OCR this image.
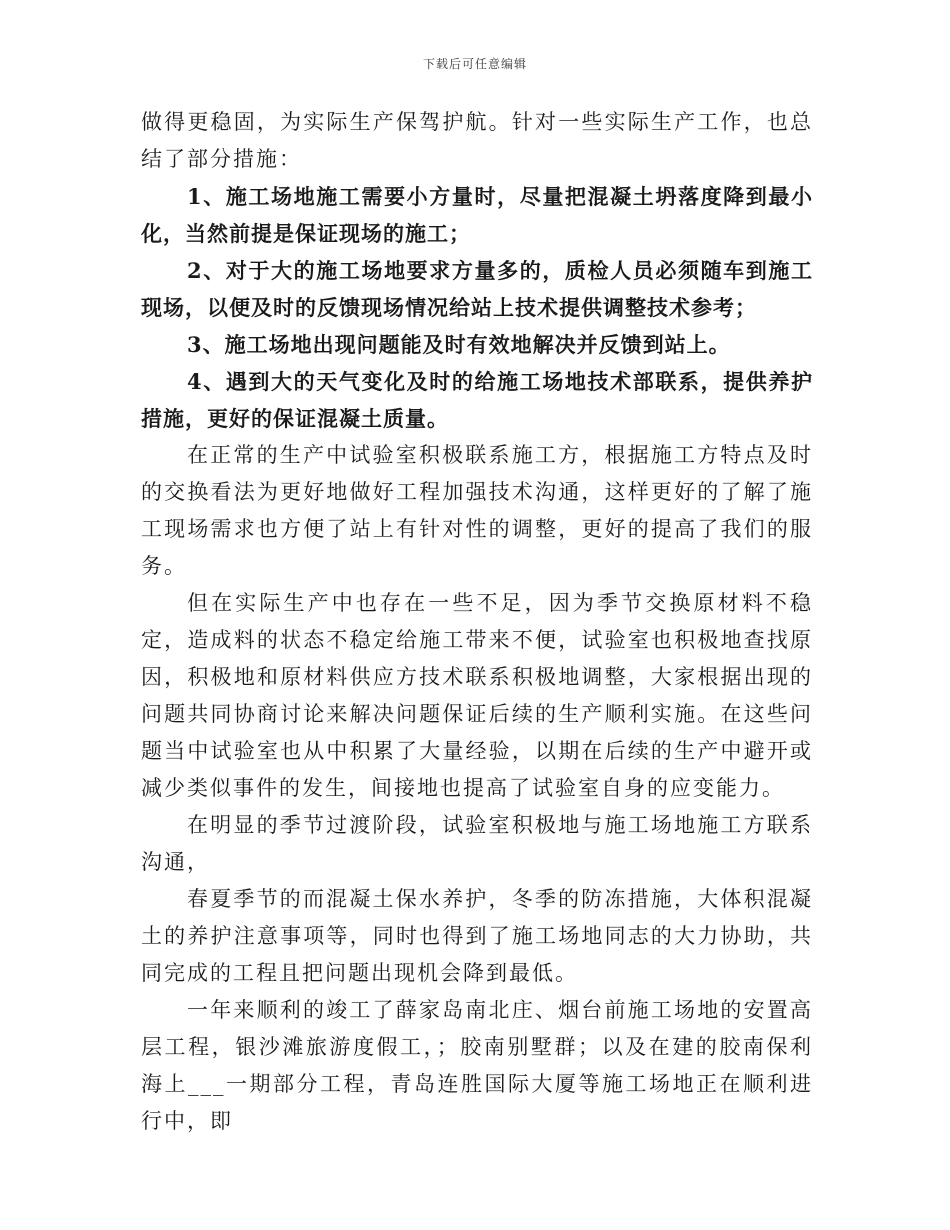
下载后可任意编辑

做得更稳固，为实际生产保驾护航。针对一些实际生产工作，也总结了部分措施：

1、施工场地施工需要小方量时，尽量把混凝土坍落度降到最小化，当然前提是保证现场的施工；

2、对于大的施工场地要求方量多的，质检人员必须随车到施工现场，以便及时的反馈现场情况给站上技术提供调整技术参考；

3、施工场地出现问题能及时有效地解决并反馈到站上。

4、遇到大的天气变化及时的给施工场地技术部联系，提供养护措施，更好的保证混凝土质量。

在正常的生产中试验室积极联系施工方，根据施工方特点及时的交换看法为更好地做好工程加强技术沟通，这样更好的了解了施工现场需求也方便了站上有针对性的调整，更好的提高了我们的服务。

但在实际生产中也存在一些不足，因为季节交换原材料不稳定，造成料的状态不稳定给施工带来不便，试验室也积极地查找原因，积极地和原材料供应方技术联系积极地调整，大家根据出现的问题共同协商讨论来解决问题保证后续的生产顺利实施。在这些问题当中试验室也从中积累了大量经验，以期在后续的生产中避开或减少类似事件的发生，间接地也提高了试验室自身的应变能力。

在明显的季节过渡阶段，试验室积极地与施工场地施工方联系沟通，

春夏季节的而混凝土保水养护，冬季的防冻措施，大体积混凝土的养护注意事项等，同时也得到了施工场地同志的大力协助，共同完成的工程且把问题出现机会降到最低。

一年来顺利的竣工了薛家岛南北庄、烟台前施工场地的安置高层工程，银沙滩旅游度假工，；胶南别墅群；以及在建的胶南保利海上___一期部分工程，青岛连胜国际大厦等施工场地正在顺利进行中，即
